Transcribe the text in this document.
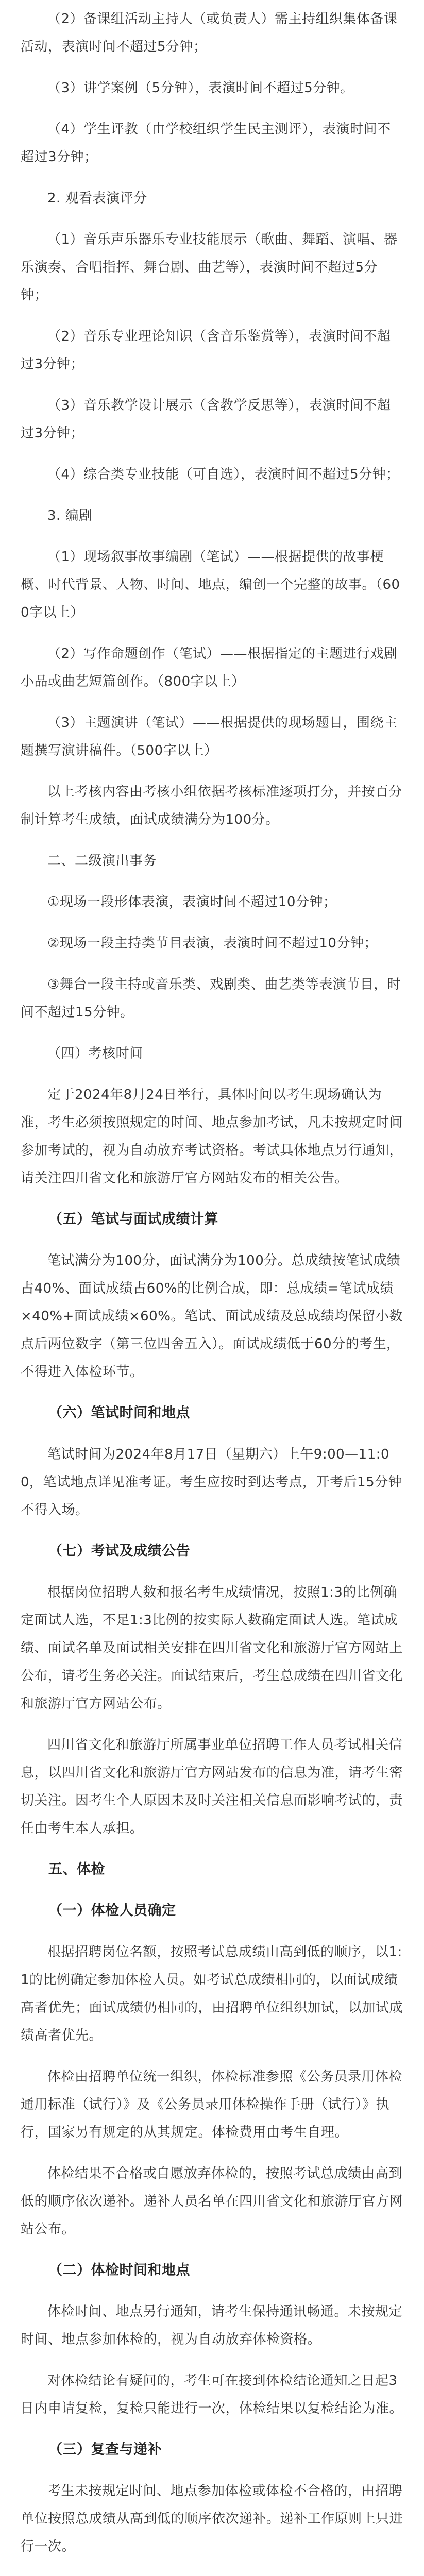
（2）备课组活动主持人（或负责人）需主持组织集体备课活动，表演时间不超过5分钟；
（3）讲学案例（5分钟），表演时间不超过5分钟。
（4）学生评教（由学校组织学生民主测评），表演时间不超过3分钟；
2. 观看表演评分
（1）音乐声乐器乐专业技能展示（歌曲、舞蹈、演唱、器乐演奏、合唱指挥、舞台剧、曲艺等），表演时间不超过5分钟；
（2）音乐专业理论知识（含音乐鉴赏等），表演时间不超过3分钟；
（3）音乐教学设计展示（含教学反思等），表演时间不超过3分钟；
（4）综合类专业技能（可自选），表演时间不超过5分钟；
3. 编剧
（1）现场叙事故事编剧（笔试）——根据提供的故事梗概、时代背景、人物、时间、地点，编创一个完整的故事。（600字以上）
（2）写作命题创作（笔试）——根据指定的主题进行戏剧小品或曲艺短篇创作。（800字以上）
（3）主题演讲（笔试）——根据提供的现场题目，围绕主题撰写演讲稿件。（500字以上）
以上考核内容由考核小组依据考核标准逐项打分，并按百分制计算考生成绩，面试成绩满分为100分。
二、二级演出事务
①现场一段形体表演，表演时间不超过10分钟；
②现场一段主持类节目表演，表演时间不超过10分钟；
③舞台一段主持或音乐类、戏剧类、曲艺类等表演节目，时间不超过15分钟。
（四）考核时间
定于2024年8月24日举行，具体时间以考生现场确认为准，考生必须按照规定的时间、地点参加考试，凡未按规定时间参加考试的，视为自动放弃考试资格。考试具体地点另行通知，请关注四川省文化和旅游厅官方网站发布的相关公告。
（五）笔试与面试成绩计算
笔试满分为100分，面试满分为100分。总成绩按笔试成绩占40%、面试成绩占60%的比例合成，即：总成绩=笔试成绩×40%+面试成绩×60%。笔试、面试成绩及总成绩均保留小数点后两位数字（第三位四舍五入）。面试成绩低于60分的考生，不得进入体检环节。
（六）笔试时间和地点
笔试时间为2024年8月17日（星期六）上午9:00—11:00，笔试地点详见准考证。考生应按时到达考点，开考后15分钟不得入场。
（七）考试及成绩公告
根据岗位招聘人数和报名考生成绩情况，按照1:3的比例确定面试人选，不足1:3比例的按实际人数确定面试人选。笔试成绩、面试名单及面试相关安排在四川省文化和旅游厅官方网站上公布，请考生务必关注。面试结束后，考生总成绩在四川省文化和旅游厅官方网站公布。
四川省文化和旅游厅所属事业单位招聘工作人员考试相关信息，以四川省文化和旅游厅官方网站发布的信息为准，请考生密切关注。因考生个人原因未及时关注相关信息而影响考试的，责任由考生本人承担。
五、体检
（一）体检人员确定
根据招聘岗位名额，按照考试总成绩由高到低的顺序，以1:1的比例确定参加体检人员。如考试总成绩相同的，以面试成绩高者优先；面试成绩仍相同的，由招聘单位组织加试，以加试成绩高者优先。
体检由招聘单位统一组织，体检标准参照《公务员录用体检通用标准（试行）》及《公务员录用体检操作手册（试行）》执行，国家另有规定的从其规定。体检费用由考生自理。
体检结果不合格或自愿放弃体检的，按照考试总成绩由高到低的顺序依次递补。递补人员名单在四川省文化和旅游厅官方网站公布。
（二）体检时间和地点
体检时间、地点另行通知，请考生保持通讯畅通。未按规定时间、地点参加体检的，视为自动放弃体检资格。
对体检结论有疑问的，考生可在接到体检结论通知之日起3日内申请复检，复检只能进行一次，体检结果以复检结论为准。
（三）复查与递补
考生未按规定时间、地点参加体检或体检不合格的，由招聘单位按照总成绩从高到低的顺序依次递补。递补工作原则上只进行一次。
